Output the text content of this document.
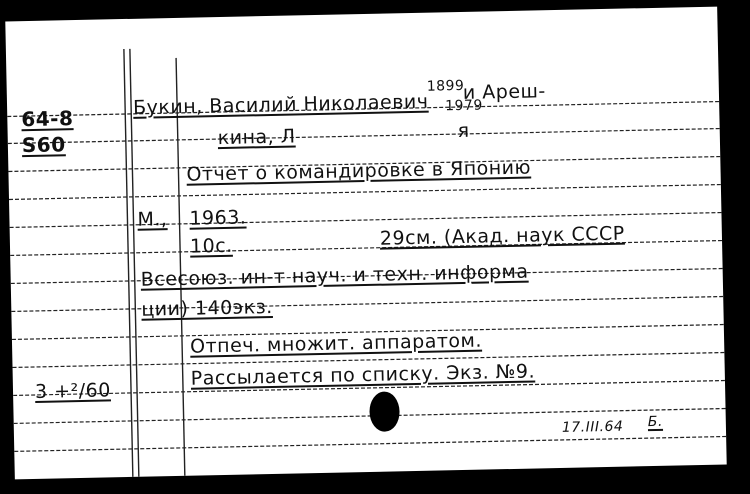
64-8
S60
Букин, Василий Николаевич
1899
и Ареш-
1979
кина, Л	я
Отчет о командировке в Японию
М., 1963.
10с.	29см. (Акад. наук СССР
Всесоюз. ин-т науч. и техн. информа
ции) 140экз.
Отпеч. множит. аппаратом.
3 +²/60
Рассылается по списку. Экз. №9.
17.III.64 Б.
